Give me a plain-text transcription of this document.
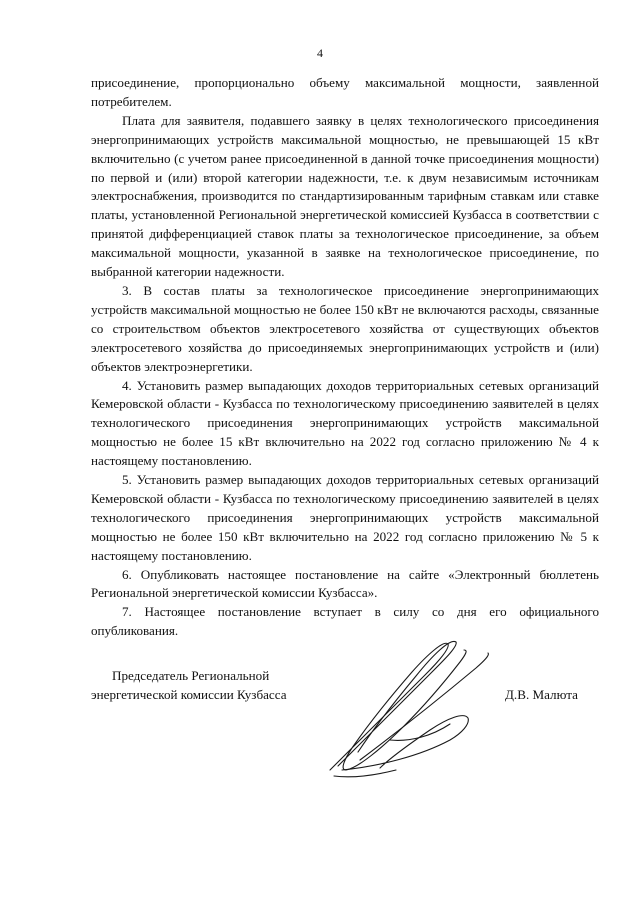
4

присоединение, пропорционально объему максимальной мощности, заявленной потребителем.

Плата для заявителя, подавшего заявку в целях технологического присоединения энергопринимающих устройств максимальной мощностью, не превышающей 15 кВт включительно (с учетом ранее присоединенной в данной точке присоединения мощности) по первой и (или) второй категории надежности, т.е. к двум независимым источникам электроснабжения, производится по стандартизированным тарифным ставкам или ставке платы, установленной Региональной энергетической комиссией Кузбасса в соответствии с принятой дифференциацией ставок платы за технологическое присоединение, за объем максимальной мощности, указанной в заявке на технологическое присоединение, по выбранной категории надежности.

3. В состав платы за технологическое присоединение энергопринимающих устройств максимальной мощностью не более 150 кВт не включаются расходы, связанные со строительством объектов электросетевого хозяйства от существующих объектов электросетевого хозяйства до присоединяемых энергопринимающих устройств и (или) объектов электроэнергетики.

4. Установить размер выпадающих доходов территориальных сетевых организаций Кемеровской области - Кузбасса по технологическому присоединению заявителей в целях технологического присоединения энергопринимающих устройств максимальной мощностью не более 15 кВт включительно на 2022 год согласно приложению № 4 к настоящему постановлению.

5. Установить размер выпадающих доходов территориальных сетевых организаций Кемеровской области - Кузбасса по технологическому присоединению заявителей в целях технологического присоединения энергопринимающих устройств максимальной мощностью не более 150 кВт включительно на 2022 год согласно приложению № 5 к настоящему постановлению.

6. Опубликовать настоящее постановление на сайте «Электронный бюллетень Региональной энергетической комиссии Кузбасса».

7. Настоящее постановление вступает в силу со дня его официального опубликования.

Председатель Региональной
энергетической комиссии Кузбасса	Д.В. Малюта
